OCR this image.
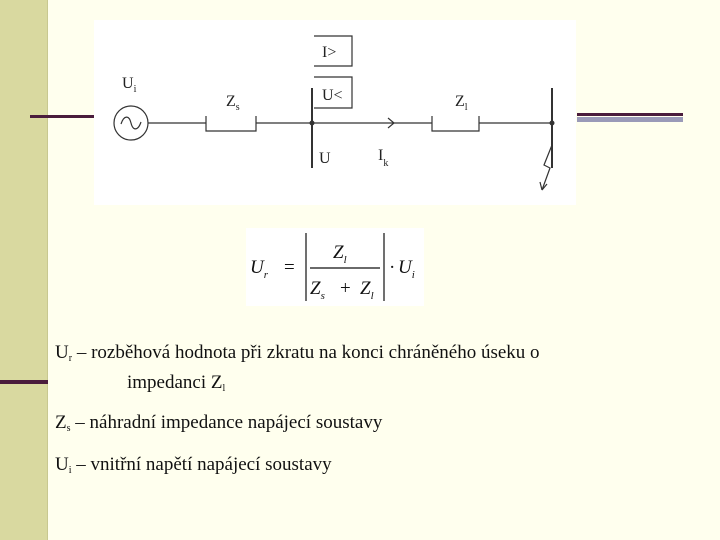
$U_i$
$Z_s$
I>
U<
U	$I_k$
$Z_l$
$U_r$ =
$Z_l$
$Z_s + Z_l$
· $U_i$
$U_r$ – rozběhová hodnota při zkratu na konci chráněného úseku o
impedanci $Z_l$
$Z_s$ – náhradní impedance napájecí soustavy
$U_i$ – vnitřní napětí napájecí soustavy
